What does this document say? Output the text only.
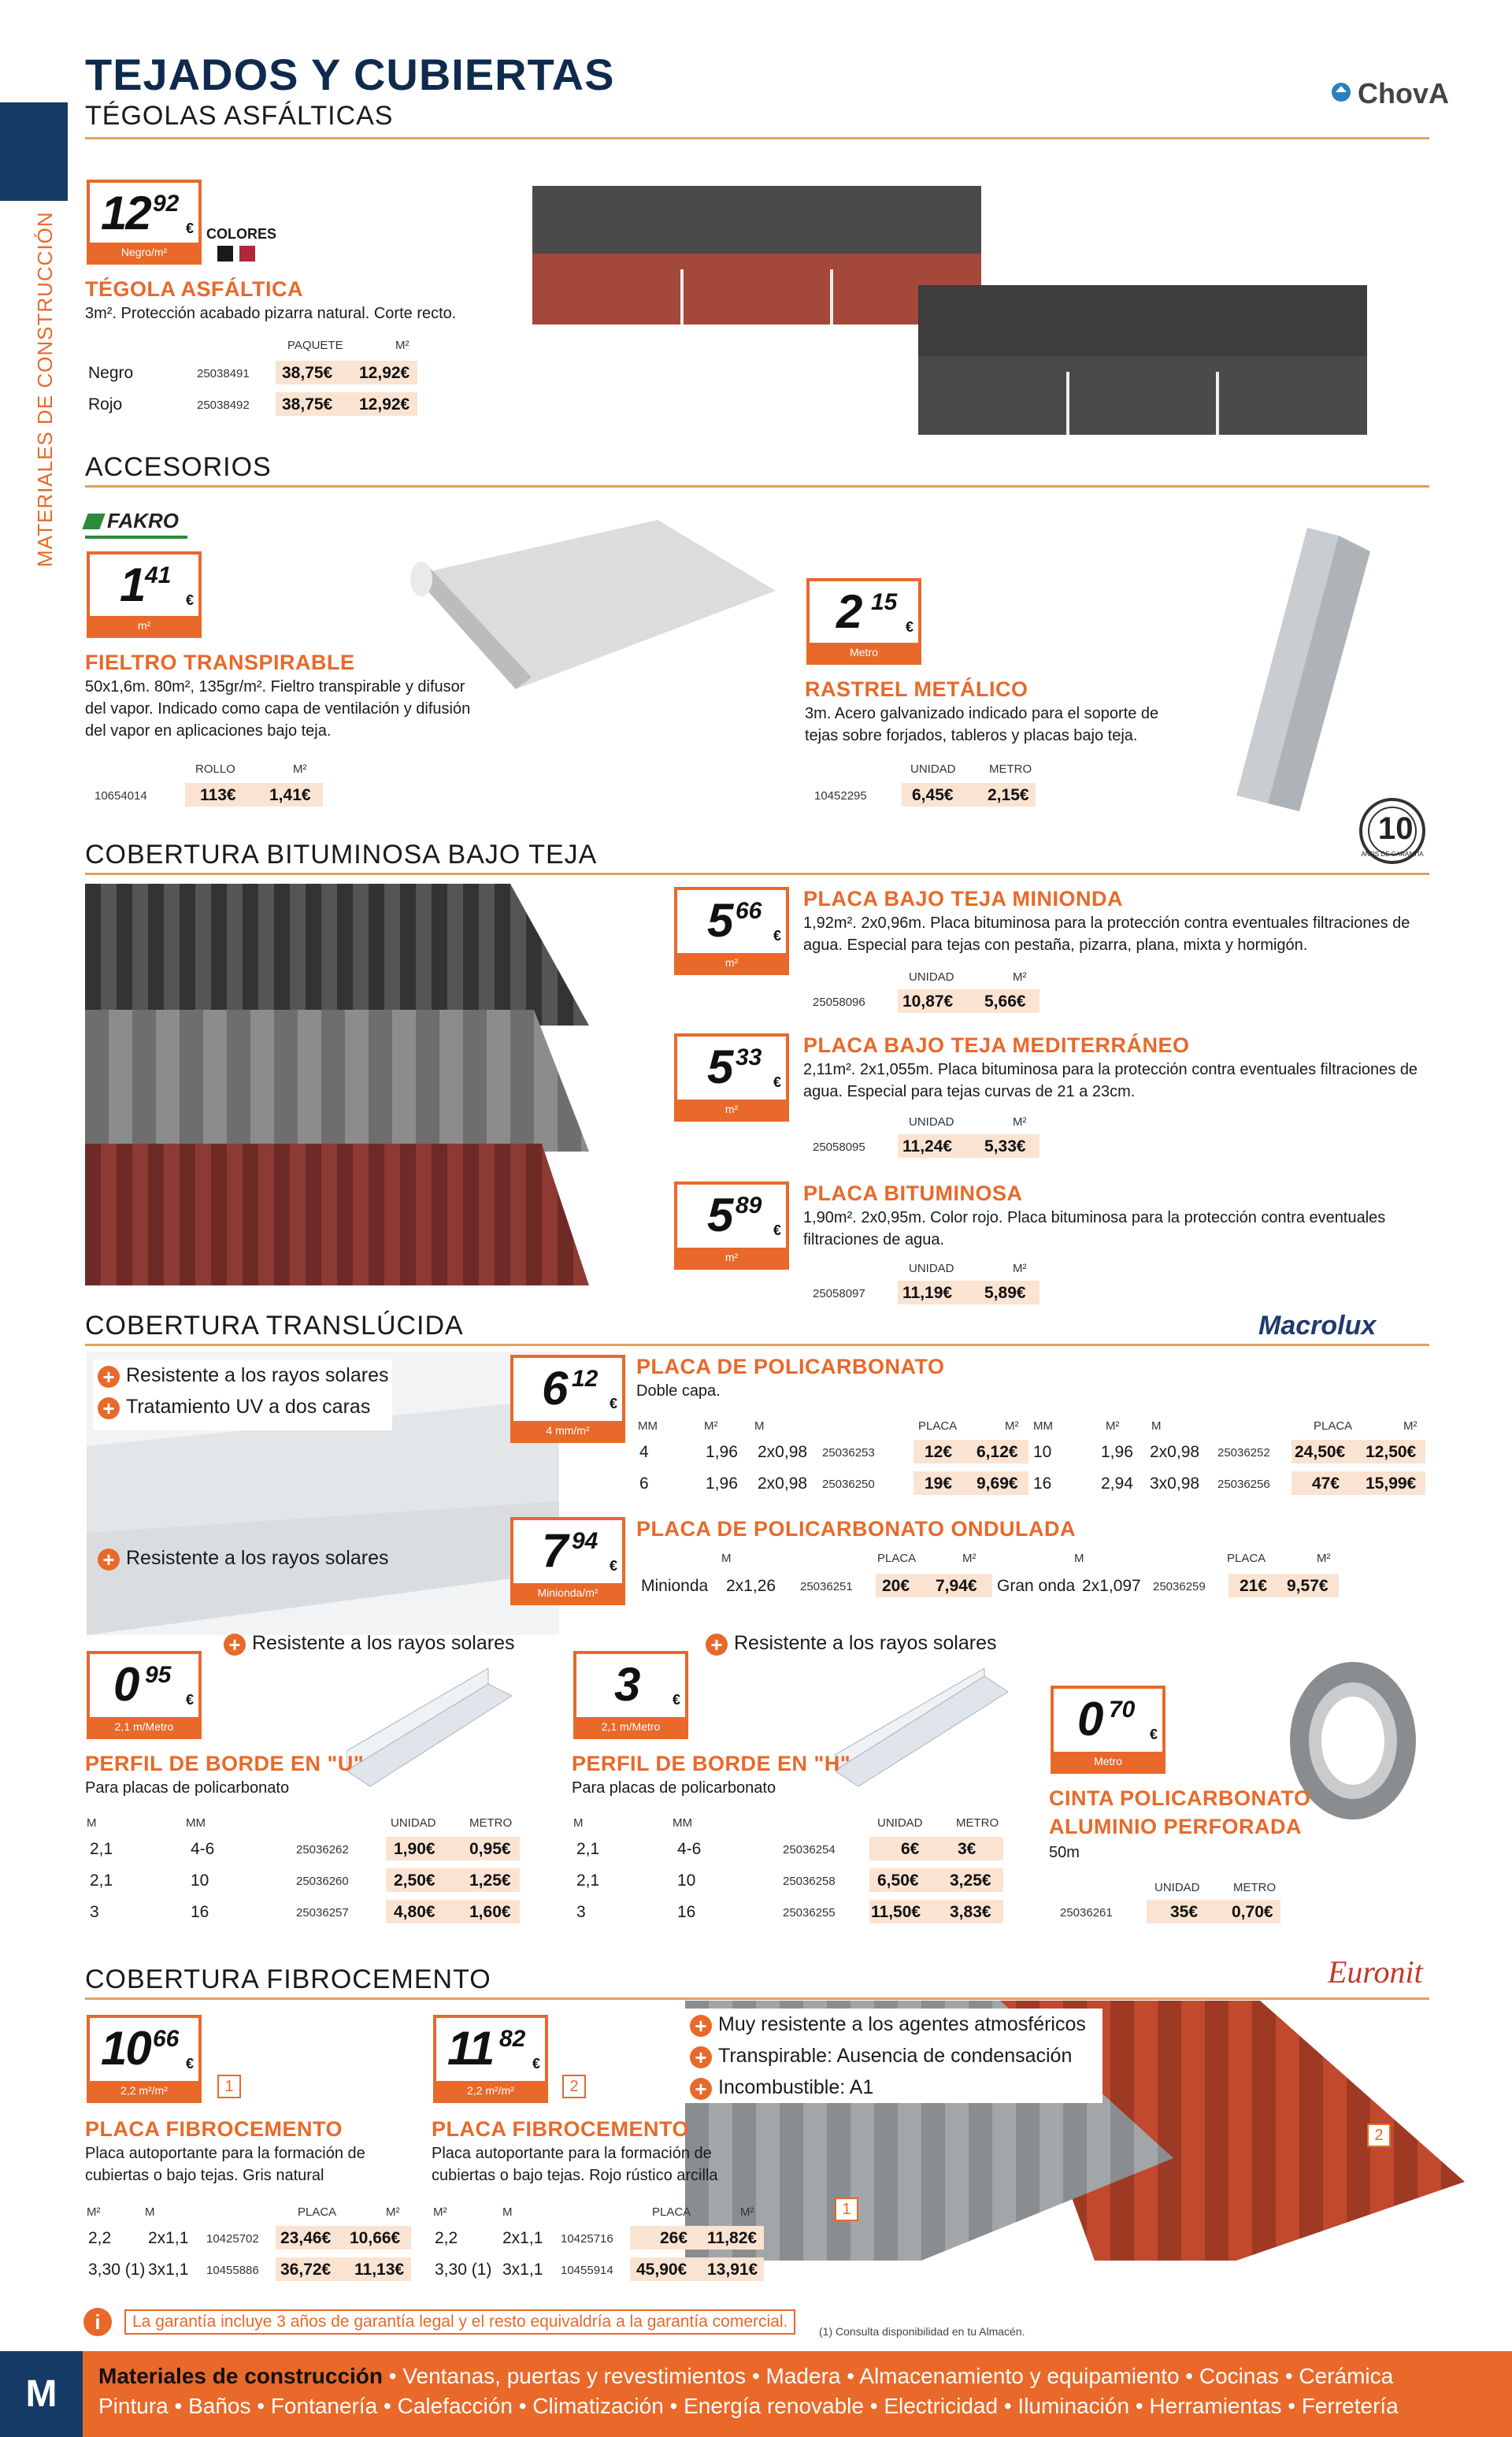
MATERIALES DE CONSTRUCCIÓN
TEJADOS Y CUBIERTAS
TÉGOLAS ASFÁLTICAS
ChovA
12 92
€
Negro/m²
COLORES
TÉGOLA ASFÁLTICA
3m². Protección acabado pizarra natural. Corte recto.
PAQUETE	M²
Negro	25038491 38,75€ 12,92€
Rojo	25038492 38,75€ 12,92€
ACCESORIOS
FAKRO
1 41
€
m²
FIELTRO TRANSPIRABLE
50x1,6m. 80m², 135gr/m². Fieltro transpirable y difusor del vapor. Indicado como capa de ventilación y difusión del vapor en aplicaciones bajo teja.
ROLLO	M²
10654014	113€ 1,41€
2 15
€
Metro
RASTREL METÁLICO
3m. Acero galvanizado indicado para el soporte de tejas sobre forjados, tableros y placas bajo teja.
UNIDAD	METRO
10452295	6,45€ 2,15€
10
AÑOS DE GARANTÍA
COBERTURA BITUMINOSA BAJO TEJA
5 66
€
m²
PLACA BAJO TEJA MINIONDA
1,92m². 2x0,96m. Placa bituminosa para la protección contra eventuales filtraciones de agua. Especial para tejas con pestaña, pizarra, plana, mixta y hormigón.
UNIDAD	M²
25058096 10,87€ 5,66€
5 33
€
m²
PLACA BAJO TEJA MEDITERRÁNEO
2,11m². 2x1,055m. Placa bituminosa para la protección contra eventuales filtraciones de agua. Especial para tejas curvas de 21 a 23cm.
UNIDAD	M²
25058095 11,24€ 5,33€
5 89
€
m²
PLACA BITUMINOSA
1,90m². 2x0,95m. Color rojo. Placa bituminosa para la protección contra eventuales filtraciones de agua.
UNIDAD	M²
25058097 11,19€ 5,89€
COBERTURA TRANSLÚCIDA	Macrolux
+ Resistente a los rayos solares
+ Tratamiento UV a dos caras
+ Resistente a los rayos solares
6 12
€
4 mm/m²
PLACA DE POLICARBONATO
Doble capa.
MM	M²	M	PLACA	M² MM	M²	M	PLACA	M²
4	1,96 2x0,98 25036253	12€ 6,12€ 10	1,96 2x0,98 25036252 24,50€ 12,50€
6	1,96 2x0,98 25036250	19€ 9,69€ 16	2,94 3x0,98 25036256	47€ 15,99€
7 94
€
Minionda/m²
PLACA DE POLICARBONATO ONDULADA
M	PLACA	M²	M	PLACA	M²
Minionda 2x1,26 25036251 20€ 7,94€ Gran onda 2x1,097 25036259 21€ 9,57€
+ Resistente a los rayos solares
0 95
€
2,1 m/Metro
PERFIL DE BORDE EN "U"
Para placas de policarbonato
M	MM	UNIDAD	METRO
2,1	4-6	25036262	1,90€ 0,95€
2,1	10	25036260	2,50€ 1,25€
3	16	25036257	4,80€ 1,60€
+ Resistente a los rayos solares
3 €
2,1 m/Metro
PERFIL DE BORDE EN "H"
Para placas de policarbonato
M	MM	UNIDAD	METRO
2,1	4-6	25036254	6€ 3€
2,1	10	25036258	6,50€ 3,25€
3	16	25036255 11,50€ 3,83€
0 70
€
Metro
CINTA POLICARBONATO
ALUMINIO PERFORADA
50m
UNIDAD	METRO
25036261	35€ 0,70€
COBERTURA FIBROCEMENTO	Euronit
1
2
+ Muy resistente a los agentes atmosféricos
+ Transpirable: Ausencia de condensación
+ Incombustible: A1
10 66
€
2,2 m²/m²	1
PLACA FIBROCEMENTO
Placa autoportante para la formación de cubiertas o bajo tejas. Gris natural
M²	M	PLACA	M²
2,2 2x1,1 10425702 23,46€ 10,66€
3,30 (1) 3x1,1 10455886 36,72€ 11,13€
11 82
€
2,2 m²/m²	2
PLACA FIBROCEMENTO
Placa autoportante para la formación de cubiertas o bajo tejas. Rojo rústico arcilla
M²	M	PLACA	M²
2,2	2x1,1 10425716	26€ 11,82€
3,30 (1) 3x1,1 10455914 45,90€ 13,91€
i	La garantía incluye 3 años de garantía legal y el resto equivaldría a la garantía comercial.
(1) Consulta disponibilidad en tu Almacén.
M	Materiales de construcción • Ventanas, puertas y revestimientos • Madera • Almacenamiento y equipamiento • Cocinas • Cerámica
Pintura • Baños • Fontanería • Calefacción • Climatización • Energía renovable • Electricidad • Iluminación • Herramientas • Ferretería
